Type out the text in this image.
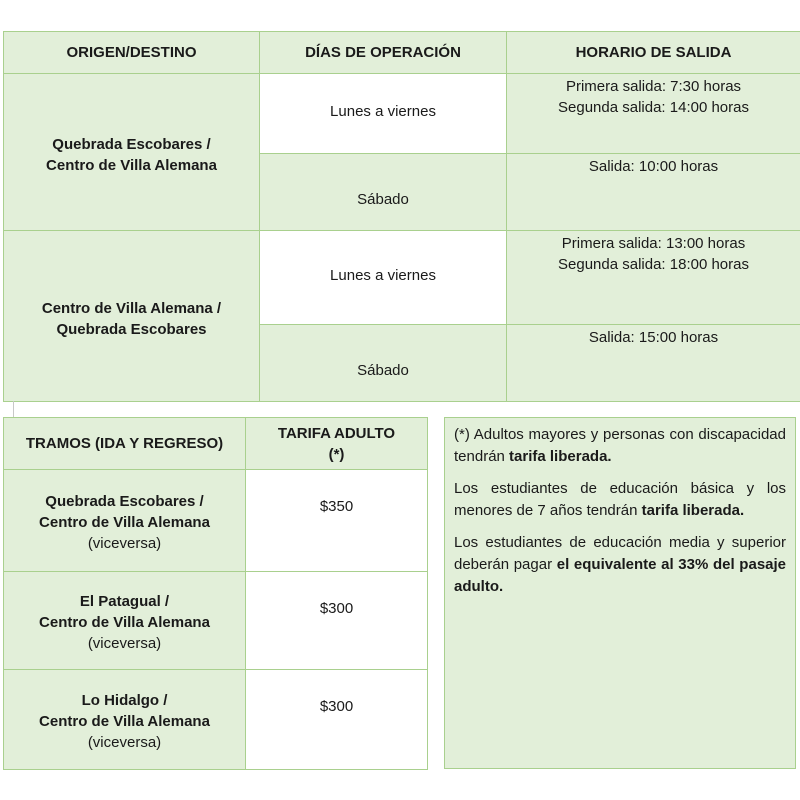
ORIGEN/DESTINO	DÍAS DE OPERACIÓN	HORARIO DE SALIDA
Quebrada Escobares /
Centro de Villa Alemana	Lunes a viernes	Primera salida: 7:30 horas
Segunda salida: 14:00 horas
	Sábado	Salida: 10:00 horas
Centro de Villa Alemana /
Quebrada Escobares	Lunes a viernes	Primera salida: 13:00 horas
Segunda salida: 18:00 horas
	Sábado	Salida: 15:00 horas
TRAMOS (IDA Y REGRESO)	TARIFA ADULTO
(*)
Quebrada Escobares /
Centro de Villa Alemana
(viceversa)	$350
El Patagual /
Centro de Villa Alemana
(viceversa)	$300
Lo Hidalgo /
Centro de Villa Alemana
(viceversa)	$300

(*) Adultos mayores y personas con discapacidad tendrán tarifa liberada.

Los estudiantes de educación básica y los menores de 7 años tendrán tarifa liberada.

Los estudiantes de educación media y superior deberán pagar el equivalente al 33% del pasaje adulto.
